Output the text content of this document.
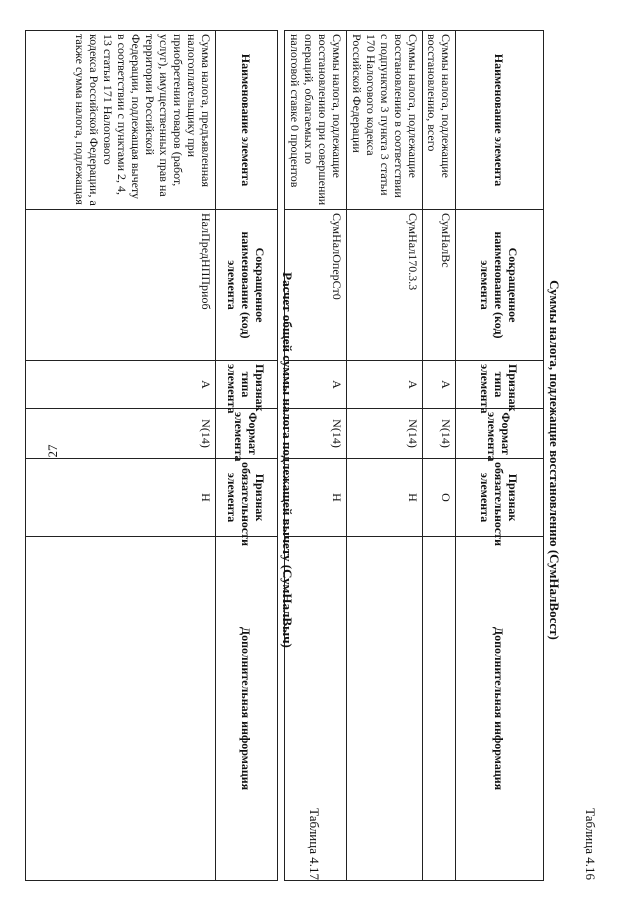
27
Таблица 4.16
Суммы налога, подлежащие восстановлению (СумНалВосст)
Наименование элемента	Сокращенное наименование (код) элемента	Признак типа элемента	Формат элемента	Признак обязательности элемента	Дополнительная информация
Суммы налога, подлежащие восстановлению, всего	СумНалВс	А	N(14)	О	
Суммы налога, подлежащие восстановлению в соответствии с подпунктом 3 пункта 3 статьи 170 Налогового кодекса Российской Федерации	СумНал170.3.3	А	N(14)	Н	
Суммы налога, подлежащие восстановлению при совершении операций, облагаемых по налоговой ставке 0 процентов	СумНалОперСт0	А	N(14)	Н	
Таблица 4.17
Расчет общей суммы налога подлежащей вычету (СумНалВыч)
Наименование элемента	Сокращенное наименование (код) элемента	Признак типа элемента	Формат элемента	Признак обязательности элемента	Дополнительная информация
Сумма налога, предъявленная налогоплательщику при приобретении товаров (работ, услуг), имущественных прав на территории Российской Федерации, подлежащая вычету в соответствии с пунктами 2, 4, 13 статьи 171 Налогового кодекса Российской Федерации, а также сумма налога, подлежащая	НалПредНППриоб	А	N(14)	Н	
